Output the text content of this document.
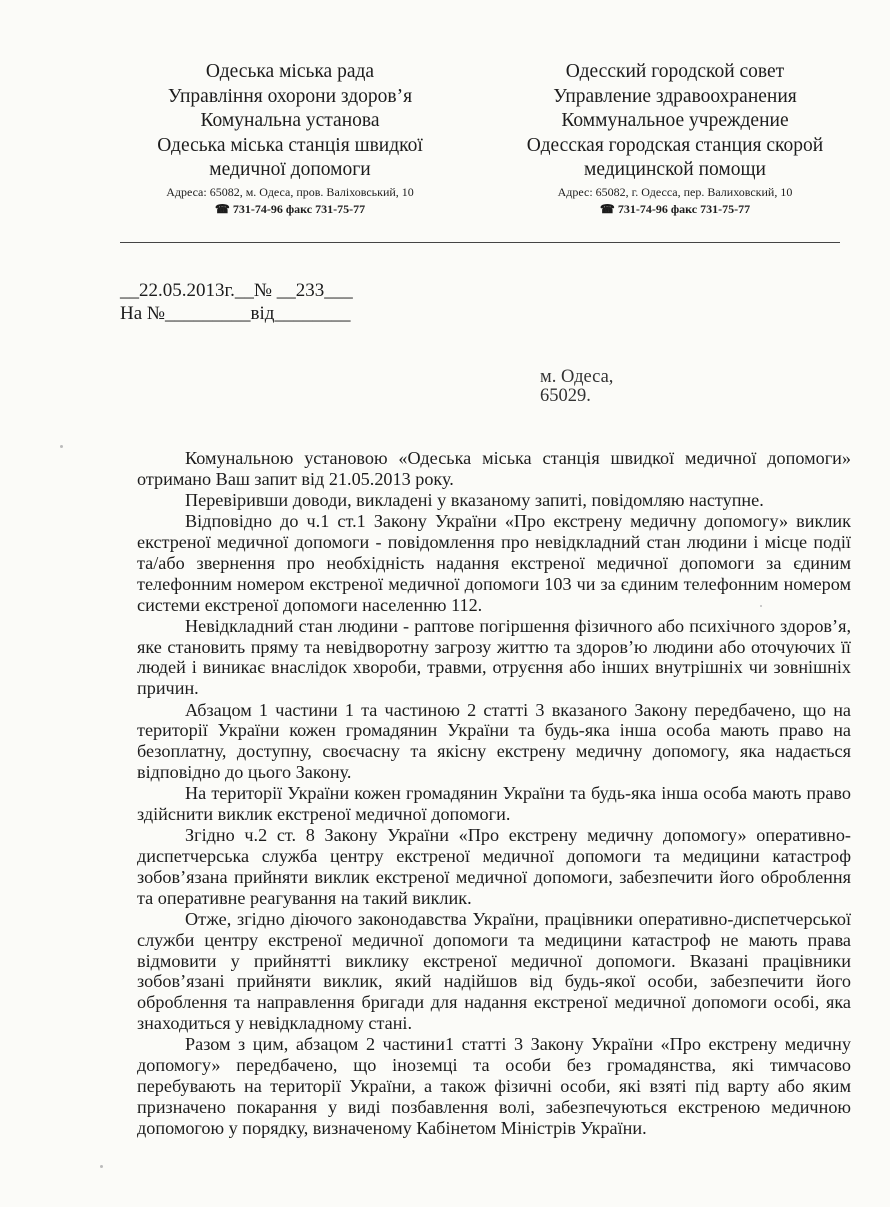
Одеська міська рада
Управління охорони здоров’я
Комунальна установа
Одеська міська станція швидкої
медичної допомоги
Адреса: 65082, м. Одеса, пров. Валіховський, 10
☎ 731-74-96 факс 731-75-77
Одесский городской совет
Управление здравоохранения
Коммунальное учреждение
Одесская городская станция скорой
медицинской помощи
Адрес: 65082, г. Одесса, пер. Валиховский, 10
☎ 731-74-96 факс 731-75-77
__22.05.2013г.__№ __233___
На №_________від________
м. Одеса,
65029.

Комунальною установою «Одеська міська станція швидкої медичної допомоги» отримано Ваш запит від 21.05.2013 року.

Перевіривши доводи, викладені у вказаному запиті, повідомляю наступне.

Відповідно до ч.1 ст.1 Закону України «Про екстрену медичну допомогу» виклик екстреної медичної допомоги - повідомлення про невідкладний стан людини і місце події та/або звернення про необхідність надання екстреної медичної допомоги за єдиним телефонним номером екстреної медичної допомоги 103 чи за єдиним телефонним номером системи екстреної допомоги населенню 112.

Невідкладний стан людини - раптове погіршення фізичного або психічного здоров’я, яке становить пряму та невідворотну загрозу життю та здоров’ю людини або оточуючих її людей і виникає внаслідок хвороби, травми, отруєння або інших внутрішніх чи зовнішніх причин.

Абзацом 1 частини 1 та частиною 2 статті 3 вказаного Закону передбачено, що на території України кожен громадянин України та будь-яка інша особа мають право на безоплатну, доступну, своєчасну та якісну екстрену медичну допомогу, яка надається відповідно до цього Закону.

На території України кожен громадянин України та будь-яка інша особа мають право здійснити виклик екстреної медичної допомоги.

Згідно ч.2 ст. 8 Закону України «Про екстрену медичну допомогу» оперативно-диспетчерська служба центру екстреної медичної допомоги та медицини катастроф зобов’язана прийняти виклик екстреної медичної допомоги, забезпечити його оброблення та оперативне реагування на такий виклик.

Отже, згідно діючого законодавства України, працівники оперативно-диспетчерської служби центру екстреної медичної допомоги та медицини катастроф не мають права відмовити у прийнятті виклику екстреної медичної допомоги. Вказані працівники зобов’язані прийняти виклик, який надійшов від будь-якої особи, забезпечити його оброблення та направлення бригади для надання екстреної медичної допомоги особі, яка знаходиться у невідкладному стані.

Разом з цим, абзацом 2 частини1 статті 3 Закону України «Про екстрену медичну допомогу» передбачено, що іноземці та особи без громадянства, які тимчасово перебувають на території України, а також фізичні особи, які взяті під варту або яким призначено покарання у виді позбавлення волі, забезпечуються екстреною медичною допомогою у порядку, визначеному Кабінетом Міністрів України.
